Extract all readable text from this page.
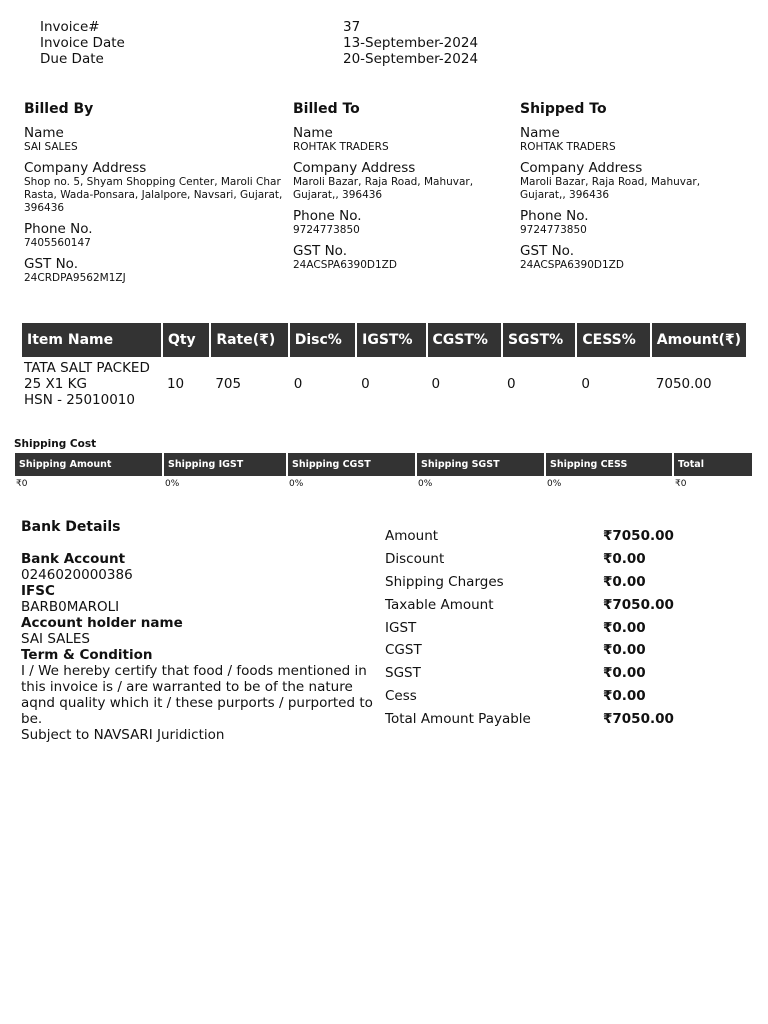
Invoice#	37
Invoice Date	13-September-2024
Due Date	20-September-2024
Billed By
Name
SAI SALES
Company Address
Shop no. 5, Shyam Shopping Center, Maroli Char Rasta, Wada-Ponsara, Jalalpore, Navsari, Gujarat, 396436
Phone No.
7405560147
GST No.
24CRDPA9562M1ZJ
Billed To
Name
ROHTAK TRADERS
Company Address
Maroli Bazar, Raja Road, Mahuvar, Gujarat,, 396436
Phone No.
9724773850
GST No.
24ACSPA6390D1ZD
Shipped To
Name
ROHTAK TRADERS
Company Address
Maroli Bazar, Raja Road, Mahuvar, Gujarat,, 396436
Phone No.
9724773850
GST No.
24ACSPA6390D1ZD
Item Name	Qty	Rate(₹)	Disc%	IGST%	CGST%	SGST%	CESS%	Amount(₹)

TATA SALT PACKED
25 X1 KG
HSN - 25010010	10	705	0	0	0	0	0	7050.00
Shipping Cost
Shipping Amount	Shipping IGST	Shipping CGST	Shipping SGST	Shipping CESS	Total
₹0	0%	0%	0%	0%	₹0
Bank Details
Bank Account
0246020000386
IFSC
BARB0MAROLI
Account holder name
SAI SALES
Term & Condition
I / We hereby certify that food / foods mentioned in this invoice is / are warranted to be of the nature aqnd quality which it / these purports / purported to be.
Subject to NAVSARI Juridiction
Amount	₹7050.00
Discount	₹0.00
Shipping Charges	₹0.00
Taxable Amount	₹7050.00
IGST	₹0.00
CGST	₹0.00
SGST	₹0.00
Cess	₹0.00
Total Amount Payable	₹7050.00
